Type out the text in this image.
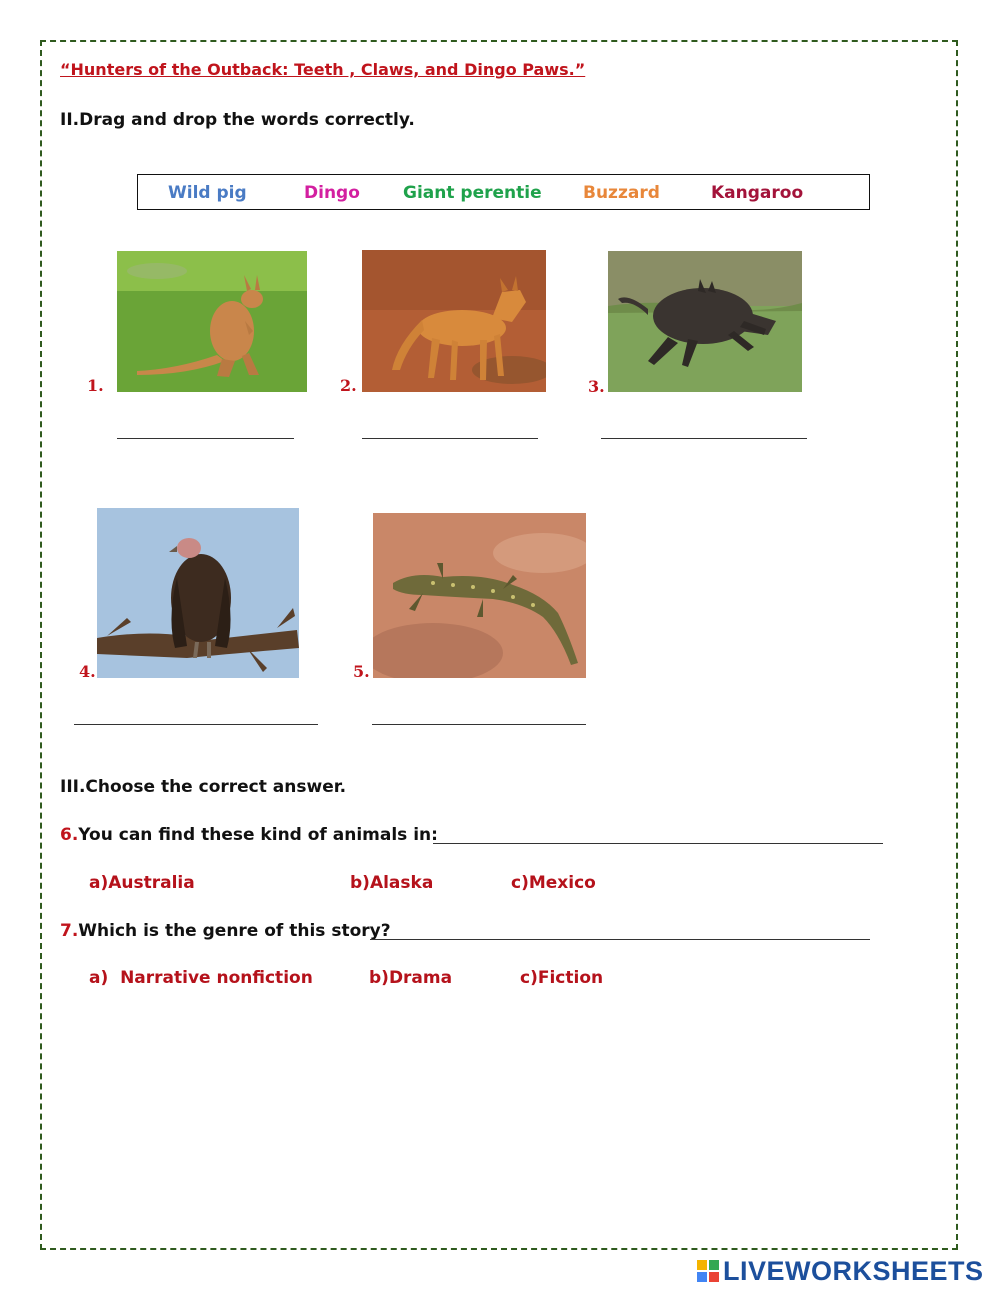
“Hunters of the Outback: Teeth , Claws, and Dingo Paws.”
II.Drag and drop the words correctly.
Wild pig	Dingo	Giant perentie Buzzard	Kangaroo
1.	2.	3.
4.	5.
III.Choose the correct answer.
6.You can find these kind of animals in:
a)Australia	b)Alaska	c)Mexico
7.Which is the genre of this story?
a)  Narrative nonfiction	b)Drama	c)Fiction
LIVEWORKSHEETS
